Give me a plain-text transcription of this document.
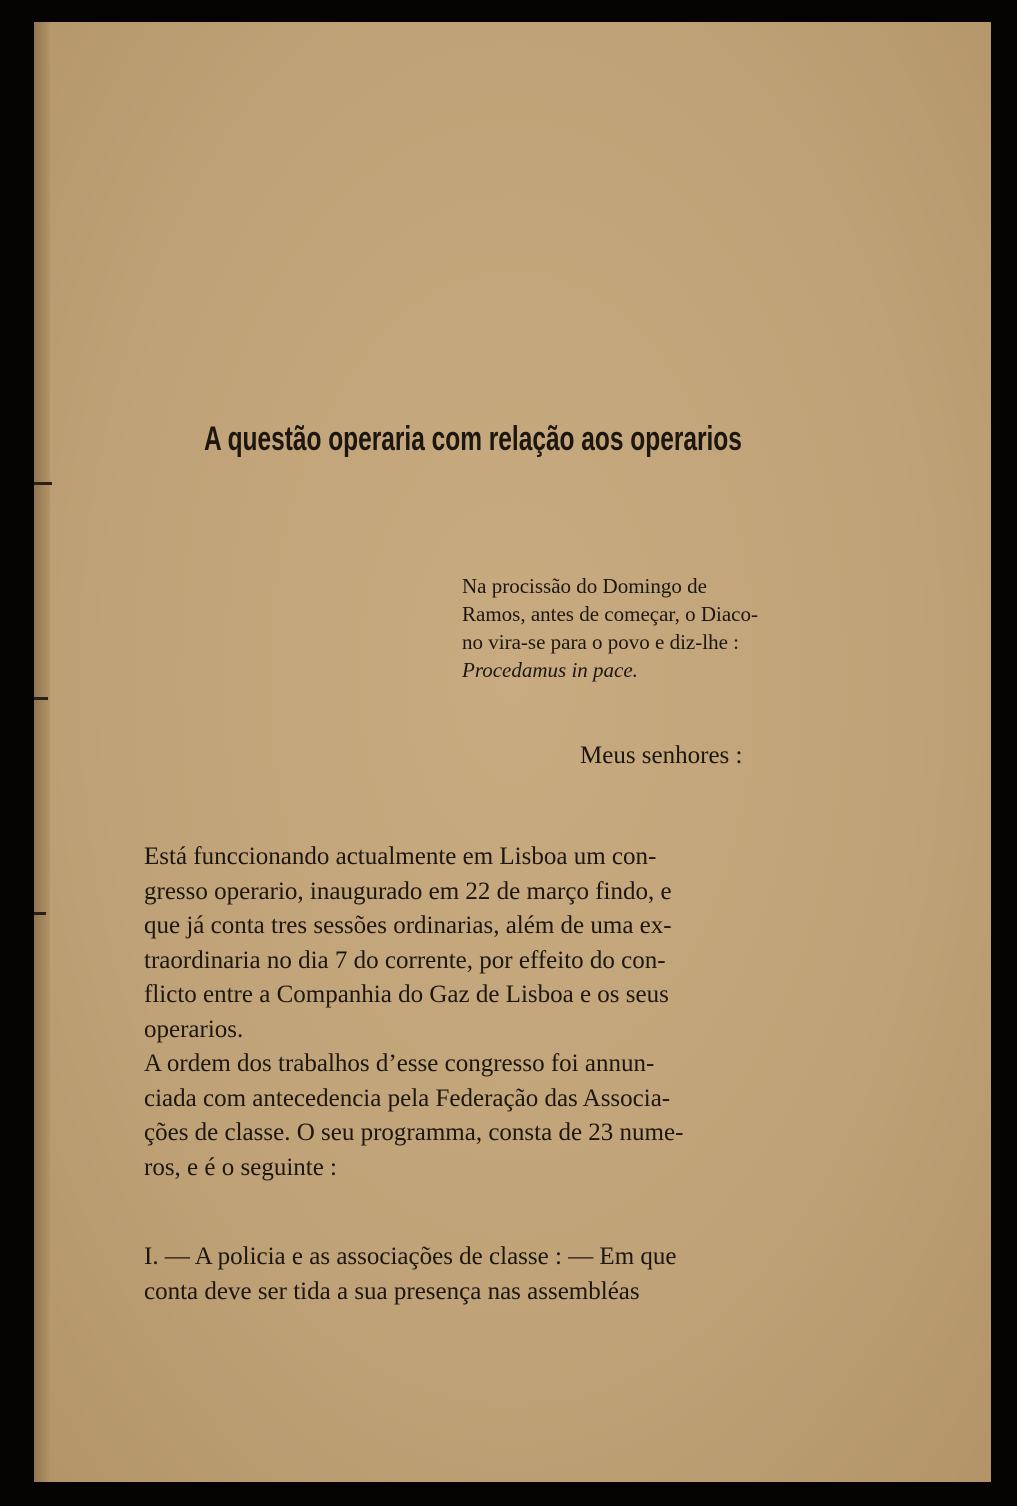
A questão operaria com relação aos operarios

Na procissão do Domingo de
Ramos, antes de começar, o Diaco-
no vira-se para o povo e diz-lhe :

Procedamus in pace.

Meus senhores :
Está funccionando actualmente em Lisboa um con-
gresso operario, inaugurado em 22 de março findo, e
que já conta tres sessões ordinarias, além de uma ex-
traordinaria no dia 7 do corrente, por effeito do con-
flicto entre a Companhia do Gaz de Lisboa e os seus
operarios.
A ordem dos trabalhos d’esse congresso foi annun-
ciada com antecedencia pela Federação das Associa-
ções de classe. O seu programma, consta de 23 nume-
ros, e é o seguinte :
I. — A policia e as associações de classe : — Em que
conta deve ser tida a sua presença nas assembléas
